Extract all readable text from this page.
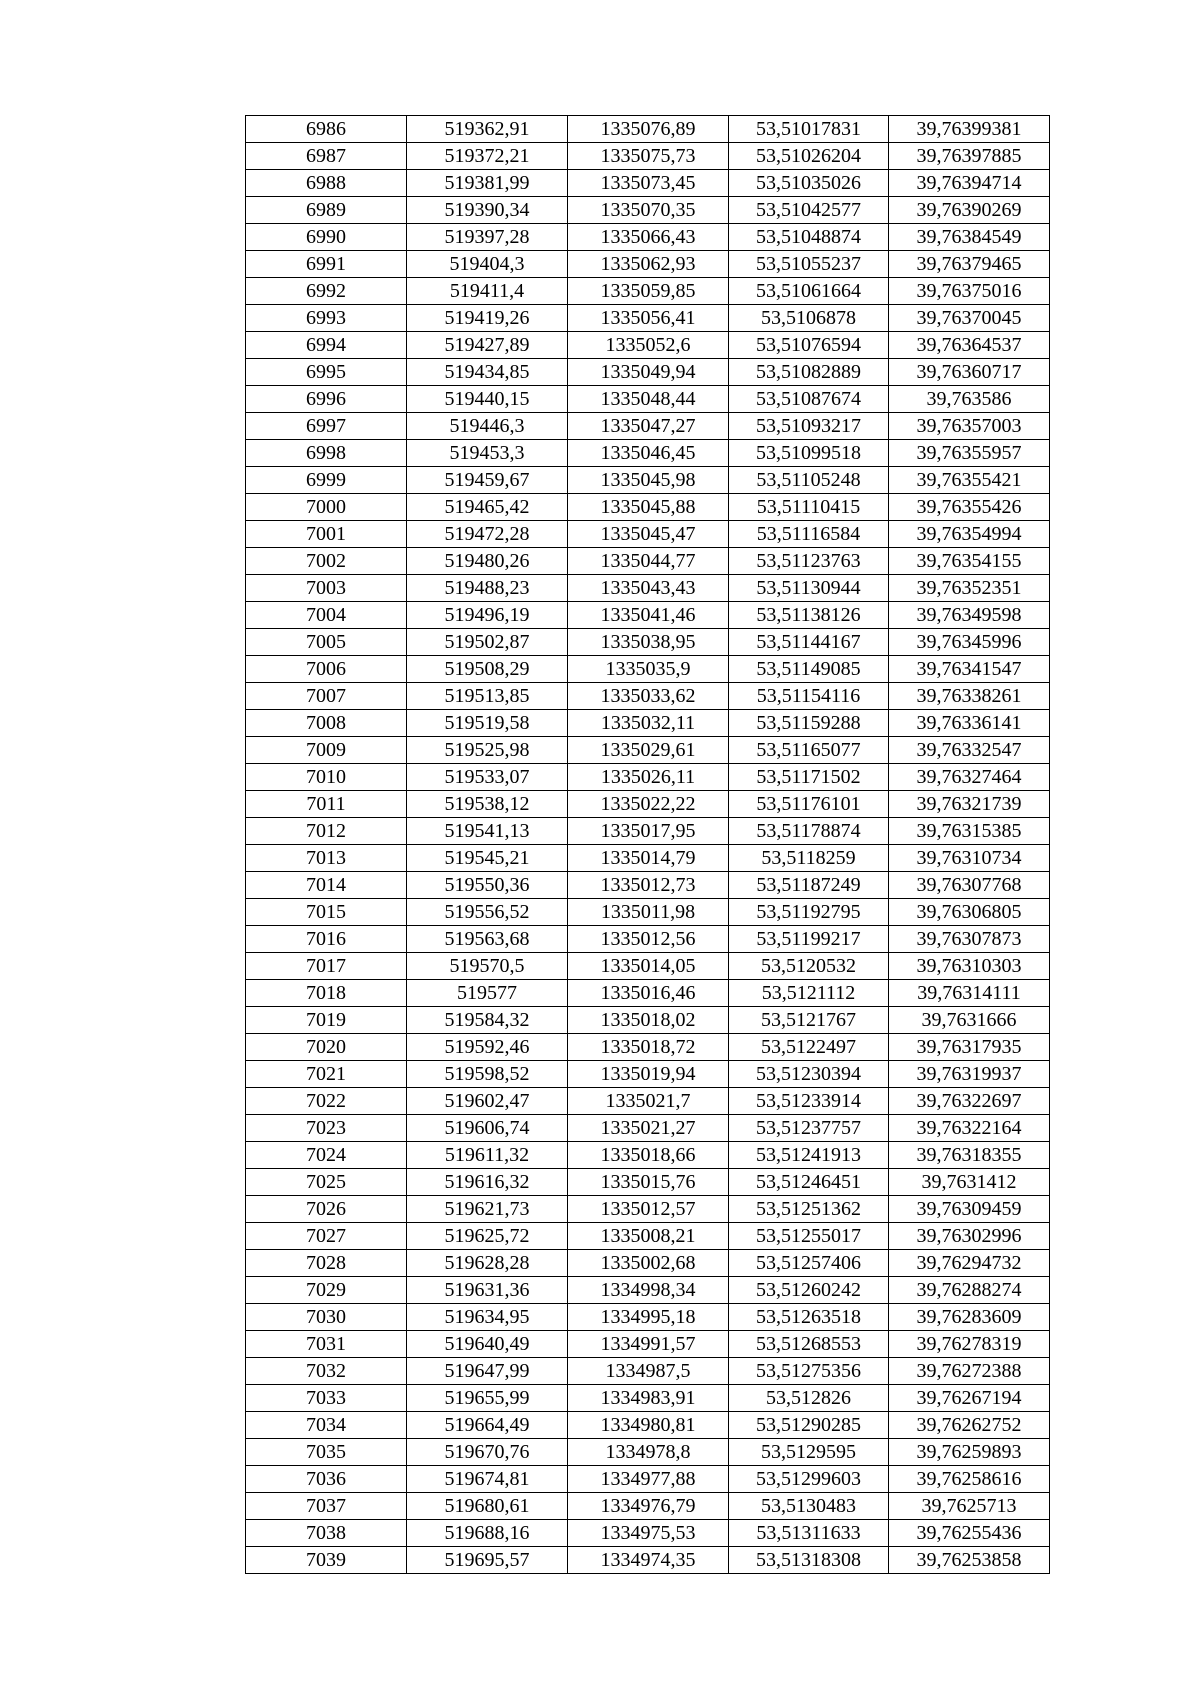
6986	519362,91	1335076,89	53,51017831	39,76399381
6987	519372,21	1335075,73	53,51026204	39,76397885
6988	519381,99	1335073,45	53,51035026	39,76394714
6989	519390,34	1335070,35	53,51042577	39,76390269
6990	519397,28	1335066,43	53,51048874	39,76384549
6991	519404,3	1335062,93	53,51055237	39,76379465
6992	519411,4	1335059,85	53,51061664	39,76375016
6993	519419,26	1335056,41	53,5106878	39,76370045
6994	519427,89	1335052,6	53,51076594	39,76364537
6995	519434,85	1335049,94	53,51082889	39,76360717
6996	519440,15	1335048,44	53,51087674	39,763586
6997	519446,3	1335047,27	53,51093217	39,76357003
6998	519453,3	1335046,45	53,51099518	39,76355957
6999	519459,67	1335045,98	53,51105248	39,76355421
7000	519465,42	1335045,88	53,51110415	39,76355426
7001	519472,28	1335045,47	53,51116584	39,76354994
7002	519480,26	1335044,77	53,51123763	39,76354155
7003	519488,23	1335043,43	53,51130944	39,76352351
7004	519496,19	1335041,46	53,51138126	39,76349598
7005	519502,87	1335038,95	53,51144167	39,76345996
7006	519508,29	1335035,9	53,51149085	39,76341547
7007	519513,85	1335033,62	53,51154116	39,76338261
7008	519519,58	1335032,11	53,51159288	39,76336141
7009	519525,98	1335029,61	53,51165077	39,76332547
7010	519533,07	1335026,11	53,51171502	39,76327464
7011	519538,12	1335022,22	53,51176101	39,76321739
7012	519541,13	1335017,95	53,51178874	39,76315385
7013	519545,21	1335014,79	53,5118259	39,76310734
7014	519550,36	1335012,73	53,51187249	39,76307768
7015	519556,52	1335011,98	53,51192795	39,76306805
7016	519563,68	1335012,56	53,51199217	39,76307873
7017	519570,5	1335014,05	53,5120532	39,76310303
7018	519577	1335016,46	53,5121112	39,76314111
7019	519584,32	1335018,02	53,5121767	39,7631666
7020	519592,46	1335018,72	53,5122497	39,76317935
7021	519598,52	1335019,94	53,51230394	39,76319937
7022	519602,47	1335021,7	53,51233914	39,76322697
7023	519606,74	1335021,27	53,51237757	39,76322164
7024	519611,32	1335018,66	53,51241913	39,76318355
7025	519616,32	1335015,76	53,51246451	39,7631412
7026	519621,73	1335012,57	53,51251362	39,76309459
7027	519625,72	1335008,21	53,51255017	39,76302996
7028	519628,28	1335002,68	53,51257406	39,76294732
7029	519631,36	1334998,34	53,51260242	39,76288274
7030	519634,95	1334995,18	53,51263518	39,76283609
7031	519640,49	1334991,57	53,51268553	39,76278319
7032	519647,99	1334987,5	53,51275356	39,76272388
7033	519655,99	1334983,91	53,512826	39,76267194
7034	519664,49	1334980,81	53,51290285	39,76262752
7035	519670,76	1334978,8	53,5129595	39,76259893
7036	519674,81	1334977,88	53,51299603	39,76258616
7037	519680,61	1334976,79	53,5130483	39,7625713
7038	519688,16	1334975,53	53,51311633	39,76255436
7039	519695,57	1334974,35	53,51318308	39,76253858
